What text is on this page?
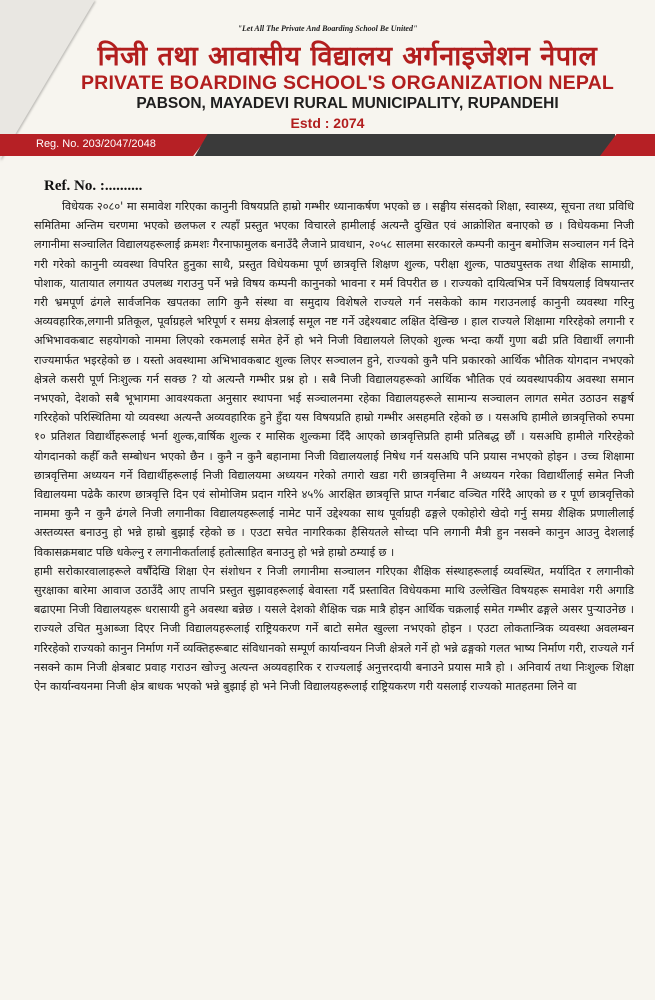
"Let All The Private And Boarding School Be United"
निजी तथा आवासीय विद्यालय अर्गनाइजेशन नेपाल
PRIVATE BOARDING SCHOOL'S ORGANIZATION NEPAL
PABSON, MAYADEVI RURAL MUNICIPALITY, RUPANDEHI
Estd : 2074
Reg. No. 203/2047/2048
Ref. No. :..........

विधेयक २०८०' मा समावेश गरिएका कानुनी विषयप्रति हाम्रो गम्भीर ध्यानाकर्षण भएको छ । सङ्घीय संसदको शिक्षा, स्वास्थ्य, सूचना तथा प्रविधि समितिमा अन्तिम चरणमा भएको छलफल र त्यहाँ प्रस्तुत भएका विचारले हामीलाई अत्यन्तै दुखित एवं आक्रोशित बनाएको छ । विधेयकमा निजी लगानीमा सञ्चालित विद्यालयहरूलाई क्रमशः गैरनाफामुलक बनाउँदै लैजाने प्रावधान, २०५८ सालमा सरकारले कम्पनी कानुन बमोजिम सञ्चालन गर्न दिने गरी गरेको कानुनी व्यवस्था विपरित हुनुका साथै, प्रस्तुत विधेयकमा पूर्ण छात्रवृत्ति शिक्षण शुल्क, परीक्षा शुल्क, पाठ्यपुस्तक तथा शैक्षिक सामाग्री, पोशाक, यातायात लगायत उपलब्ध गराउनु पर्ने भन्ने विषय कम्पनी कानुनको भावना र मर्म विपरीत छ । राज्यको दायित्वभित्र पर्ने विषयलाई विषयान्तर गरी भ्रमपूर्ण ढंगले सार्वजनिक खपतका लागि कुनै संस्था वा समुदाय विशेषले राज्यले गर्न नसकेको काम गराउनलाई कानुनी व्यवस्था गरिनु अव्यवहारिक,लगानी प्रतिकूल, पूर्वाग्रहले भरिपूर्ण र समग्र क्षेत्रलाई समूल नष्ट गर्ने उद्देश्यबाट लक्षित देखिन्छ । हाल राज्यले शिक्षामा गरिरहेको लगानी र अभिभावकबाट सहयोगको नाममा लिएको रकमलाई समेत हेर्ने हो भने निजी विद्यालयले लिएको शुल्क भन्दा कयौं गुणा बढी प्रति विद्यार्थी लगानी राज्यमार्फत भइरहेको छ । यस्तो अवस्थामा अभिभावकबाट शुल्क लिएर सञ्चालन हुने, राज्यको कुनै पनि प्रकारको आर्थिक भौतिक योगदान नभएको क्षेत्रले कसरी पूर्ण निःशुल्क गर्न सक्छ ? यो अत्यन्तै गम्भीर प्रश्न हो । सबै निजी विद्यालयहरूको आर्थिक भौतिक एवं व्यवस्थापकीय अवस्था समान नभएको, देशको सबै भूभागमा आवश्यकता अनुसार स्थापना भई सञ्चालनमा रहेका विद्यालयहरूले सामान्य सञ्चालन लागत समेत उठाउन सङ्घर्ष गरिरहेको परिस्थितिमा यो व्यवस्था अत्यन्तै अव्यवहारिक हुने हुँदा यस विषयप्रति हाम्रो गम्भीर असहमति रहेको छ । यसअघि हामीले छात्रवृत्तिको रुपमा १० प्रतिशत विद्यार्थीहरूलाई भर्ना शुल्क,वार्षिक शुल्क र मासिक शुल्कमा दिँदै आएको छात्रवृत्तिप्रति हामी प्रतिबद्ध छौं । यसअघि हामीले गरिरहेको योगदानको कहीँ कतै सम्बोधन भएको छैन । कुनै न कुनै बहानामा निजी विद्यालयलाई निषेध गर्न यसअघि पनि प्रयास नभएको होइन । उच्च शिक्षामा छात्रवृत्तिमा अध्ययन गर्ने विद्यार्थीहरूलाई निजी विद्यालयमा अध्ययन गरेको तगारो खडा गरी छात्रवृत्तिमा नै अध्ययन गरेका विद्यार्थीलाई समेत निजी विद्यालयमा पढेकै कारण छात्रवृत्ति दिन एवं सोमोजिम प्रदान गरिने ४५% आरक्षित छात्रवृत्ति प्राप्त गर्नबाट वञ्चित गरिंदै आएको छ र पूर्ण छात्रवृत्तिको नाममा कुनै न कुनै ढंगले निजी लगानीका विद्यालयहरूलाई नामेट पार्ने उद्देश्यका साथ पूर्वाग्रही ढङ्गले एकोहोरो खेदो गर्नु समग्र शैक्षिक प्रणालीलाई अस्तव्यस्त बनाउनु हो भन्ने हाम्रो बुझाई रहेको छ । एउटा सचेत नागरिकका हैसियतले सोच्दा पनि लगानी मैत्री हुन नसक्ने कानुन आउनु देशलाई विकासक्रमबाट पछि धकेल्नु र लगानीकर्तालाई हतोत्साहित बनाउनु हो भन्ने हाम्रो ठम्याई छ ।

हामी सरोकारवालाहरूले वर्षौंदेखि शिक्षा ऐन संशोधन र निजी लगानीमा सञ्चालन गरिएका शैक्षिक संस्थाहरूलाई व्यवस्थित, मर्यादित र लगानीको सुरक्षाका बारेमा आवाज उठाउँदै आए तापनि प्रस्तुत सुझावहरूलाई बेवास्ता गर्दै प्रस्तावित विधेयकमा माथि उल्लेखित विषयहरू समावेश गरी अगाडि बढाएमा निजी विद्यालयहरू धरासायी हुने अवस्था बन्नेछ । यसले देशको शैक्षिक चक्र मात्रै होइन आर्थिक चक्रलाई समेत गम्भीर ढङ्गले असर पुऱ्याउनेछ । राज्यले उचित मुआब्जा दिएर निजी विद्यालयहरूलाई राष्ट्रियकरण गर्ने बाटो समेत खुल्ला नभएको होइन । एउटा लोकतान्त्रिक व्यवस्था अवलम्बन गरिरहेको राज्यको कानुन निर्माण गर्ने व्यक्तिहरूबाट संविधानको सम्पूर्ण कार्यान्वयन निजी क्षेत्रले गर्ने हो भन्ने ढङ्गको गलत भाष्य निर्माण गरी, राज्यले गर्न नसक्ने काम निजी क्षेत्रबाट प्रवाह गराउन खोज्नु अत्यन्त अव्यवहारिक र राज्यलाई अनुत्तरदायी बनाउने प्रयास मात्रै हो । अनिवार्य तथा निःशुल्क शिक्षा ऐन कार्यान्वयनमा निजी क्षेत्र बाधक भएको भन्ने बुझाई हो भने निजी विद्यालयहरूलाई राष्ट्रियकरण गरी यसलाई राज्यको मातहतमा लिने वा
